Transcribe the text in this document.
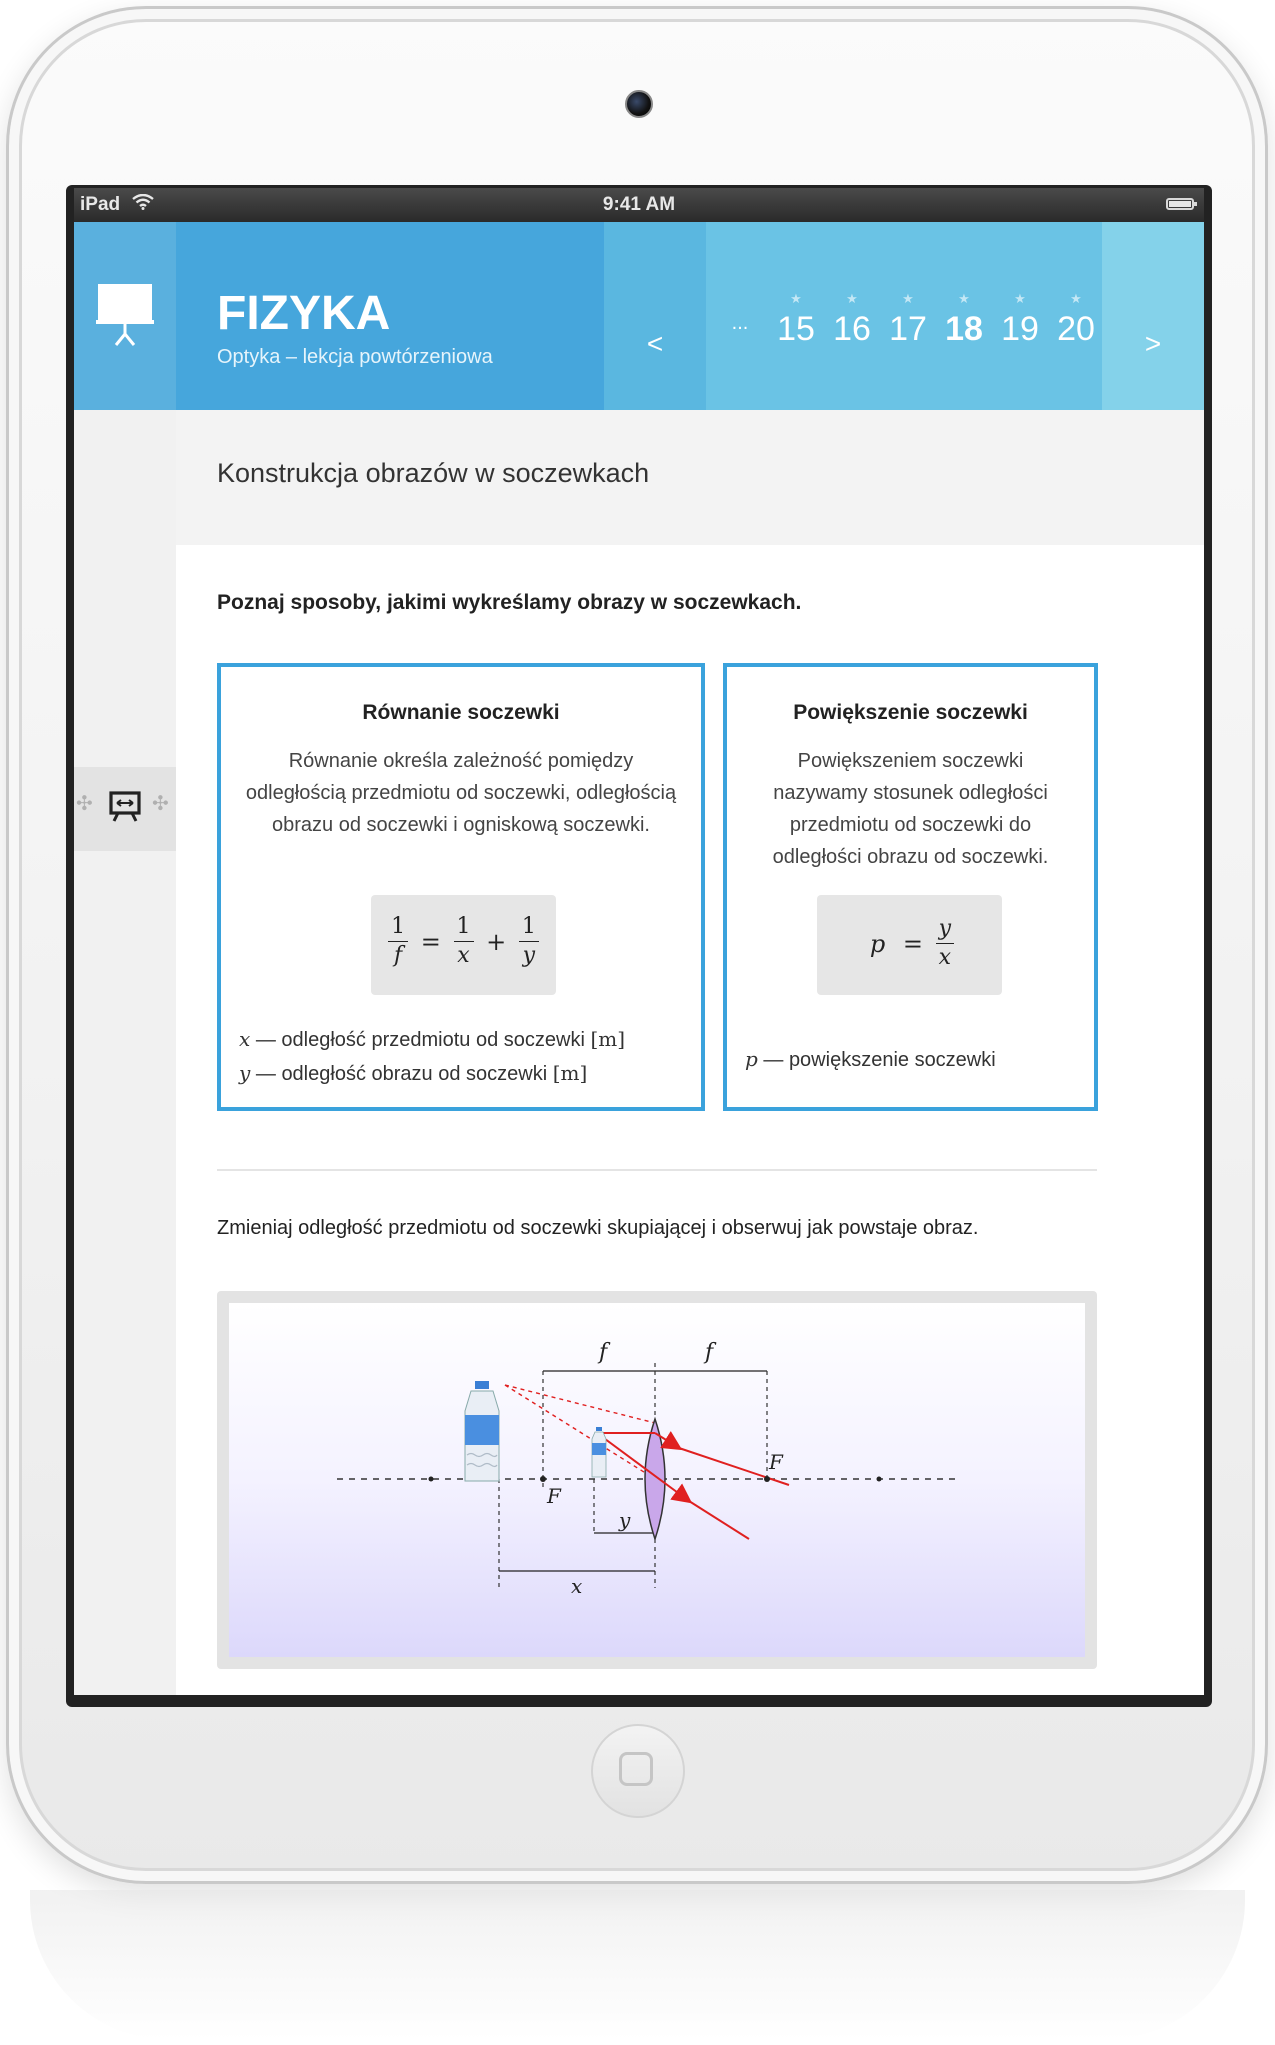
iPad	9:41 AM
FIZYKA
Optyka – lekcja powtórzeniowa	<
...
★
15
★
16
★
17
★
18
★
19
★
20	>
✣	✣
Konstrukcja obrazów w soczewkach
Poznaj sposoby, jakimi wykreślamy obrazy w soczewkach.
Równanie soczewki
Równanie określa zależność pomiędzy odległością przedmiotu od soczewki, odległością obrazu od soczewki i ogniskową soczewki.
$\frac{1}{f} = \frac{1}{x} + \frac{1}{y}$
x — odległość przedmiotu od soczewki [m]
y — odległość obrazu od soczewki [m]
Powiększenie soczewki
Powiększeniem soczewki nazywamy stosunek odległości przedmiotu od soczewki do odległości obrazu od soczewki.
$p = \frac{y}{x}$
p — powiększenie soczewki
Zmieniaj odległość przedmiotu od soczewki skupiającej i obserwuj jak powstaje obraz.
f	f
F
F
y
x
